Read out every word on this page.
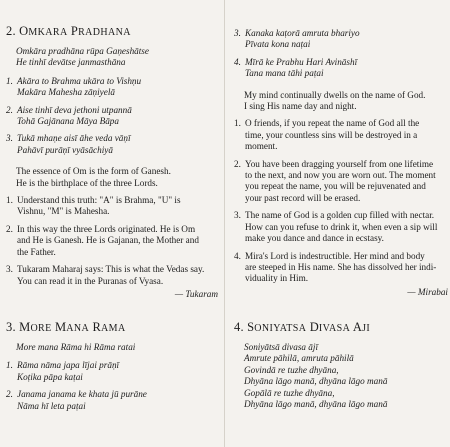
2. OMKARA PRADHANA
Omkāra pradhāna rūpa Gaṇeshātse
He tinhī devātse janmasthāna
1. Akāra to Brahma ukāra to Vishṇu
Makāra Mahesha zāṇiyelā
2. Aise tinhī deva jethoni utpannā
Tohā Gajānana Māya Bāpa
3. Tukā mhaṇe aisī āhe veda vāṇī
Pahāvī purāṇī vyāsāchiyā
The essence of Om is the form of Ganesh.
He is the birthplace of the three Lords.
1. Understand this truth: "A" is Brahma, "U" is
Vishnu, "M" is Mahesha.
2. In this way the three Lords originated. He is Om
and He is Ganesh. He is Gajanan, the Mother and
the Father.
3. Tukaram Maharaj says: This is what the Vedas say.
You can read it in the Puranas of Vyasa.
— Tukaram
3. Kanaka kaṭorā amruta bhariyo
Pīvata kona naṭai
4. Mīrā ke Prabhu Hari Avināshī
Tana mana tāhi paṭai
My mind continually dwells on the name of God.
I sing His name day and night.
1. O friends, if you repeat the name of God all the
time, your countless sins will be destroyed in a
moment.
2. You have been dragging yourself from one lifetime
to the next, and now you are worn out. The moment
you repeat the name, you will be rejuvenated and
your past record will be erased.
3. The name of God is a golden cup filled with nectar.
How can you refuse to drink it, when even a sip will
make you dance and dance in ecstasy.
4. Mira's Lord is indestructible. Her mind and body
are steeped in His name. She has dissolved her indi-
viduality in Him.
— Mirabai
3. MORE MANA RAMA
More mana Rāma hi Rāma ratai
1. Rāma nāma japa lījai prāṇī
Koṭika pāpa kaṭai
2. Janama janama ke khata jū purāne
Nāma hī leta paṭai
4. SONIYATSA DIVASA AJI
Soniyātsā divasa ājī
Amrute pāhilā, amruta pāhilā
Govindā re tuzhe dhyāna,
Dhyāna lāgo manā, dhyāna lāgo manā
Gopālā re tuzhe dhyāna,
Dhyāna lāgo manā, dhyāna lāgo manā
